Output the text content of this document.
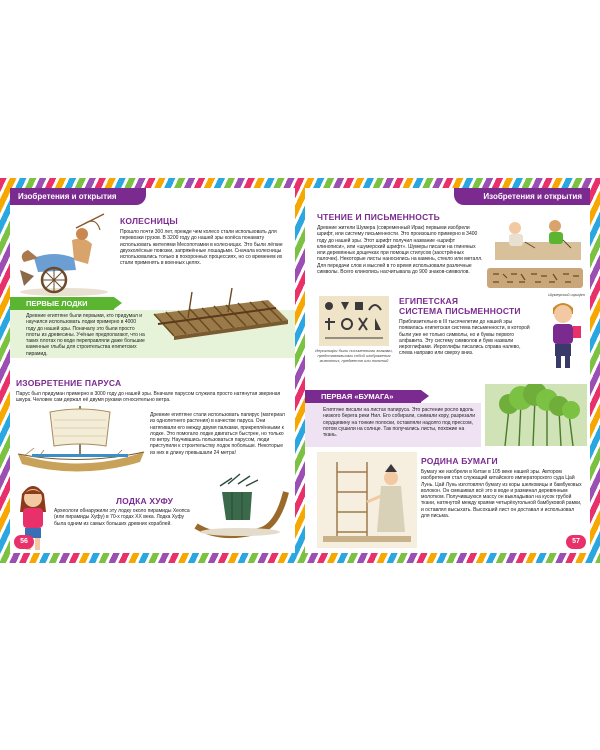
Изобретения и открытия
КОЛЕСНИЦЫ
Прошло почти 300 лет, прежде чем колесо стали использовать для перевозки грузов. В 3200 году до нашей эры колёса понамату использовать жителями Месопотамии в колесницах. Это были лёгкие двухколёсные повозки, запряжённые лошадьми. Сначала колесницы использовались только в похоронных процессиях, но со временем их стали применять в военных целях.
ПЕРВЫЕ ЛОДКИ
Древние египтяне были первыми, кто придумал и научился использовать лодки примерно в 4000 году до нашей эры. Поначалу это были просто плоты из древесины. Учёные предполагают, что на таких плотах по воде переправляли даже большие каменные глыбы для строительства египетских пирамид.
ИЗОБРЕТЕНИЕ ПАРУСА
Парус был придуман примерно в 3000 году до нашей эры. Вначале парусом служила просто натянутая звериная шкура. Человек сам держал её двумя руками относительно ветра.
Древние египтяне стали использовать папирус (материал из однолетнего растения) в качестве паруса. Они натягивали его между двумя палками, прикреплёнными к лодке. Это помогало лодке двигаться быстрее, но только по ветру. Научившись пользоваться парусом, люди приступили к строительству лодок побольше. Некоторые из них в длину превышали 24 метра!
ЛОДКА ХУФУ
Археологи обнаружили эту лодку около пирамиды Хеопса (или пирамиды Хуфу) в 70-х годах XX века. Лодка Хуфу была одним из самых больших древних кораблей.
56
Изобретения и открытия
ЧТЕНИЕ И ПИСЬМЕННОСТЬ
Древние жители Шумера (современный Ирак) первыми изобрели шрифт, или систему письменности. Это произошло примерно в 3400 году до нашей эры. Этот шрифт получил название «шрифт клинописи», или «шумерский шрифт». Шумеры писали на глиняных или деревянных дощечках при помощи стилусов (заострённых палочек). Некоторые листы наносились на камень, стекло или металл. Для передачи слов и мыслей в то время использовали различные символы. Всего клинопись насчитывала до 900 знаков-символов.
Шумерский шрифт
Иероглифы были письменными знаками, представлявшими собой изображения животных, предметов или понятий
ЕГИПЕТСКАЯ
СИСТЕМА ПИСЬМЕННОСТИ
Приблизительно в III тысячелетии до нашей эры появилась египетская система письменности, в которой были уже не только символы, но и буквы первого алфавита. Эту систему символов и букв назвали иероглифами. Иероглифы писались справа налево, слева направо или сверху вниз.
ПЕРВАЯ «БУМАГА»
Египтяне писали на листах папируса. Это растение росло вдоль низкого берега реки Нил. Его собирали, снимали кору, разрезали сердцевину на тонкие полоски, оставляли надолго под прессом, потом сушили на солнце. Так получались листы, похожие на ткань.
РОДИНА БУМАГИ
Бумагу же изобрели в Китае в 105 веке нашей эры. Автором изобретения стал служащий китайского императорского суда Цай Лунь. Цай Лунь изготовлял бумагу из коры шелковицы и бамбуковых волокон. Он смешивал всё это в воде и разминал деревянным молотком. Получившуюся массу он выкладывал на кусок грубой ткани, натянутой между краями четырёхугольной бамбуковой рамки, и оставлял высыхать. Высохший лист он доставал и использовал для письма.
57
